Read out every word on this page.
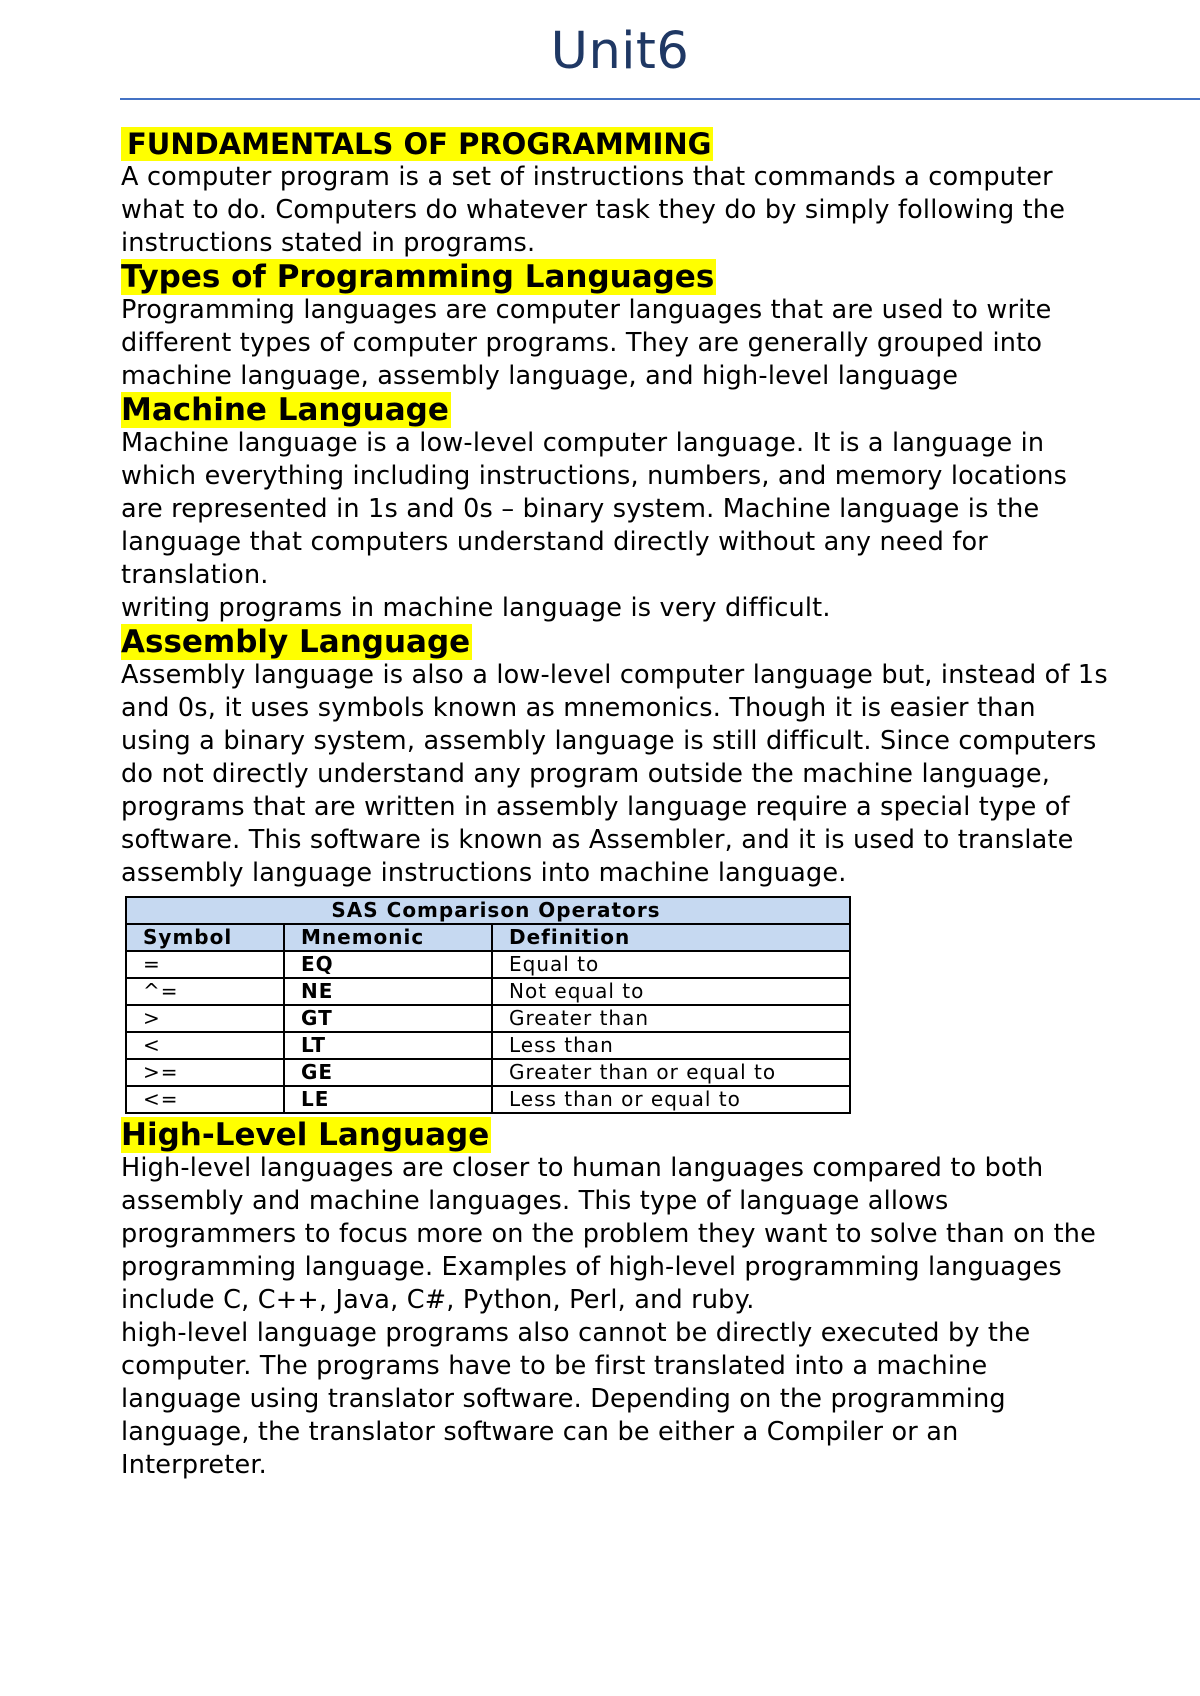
Unit6
FUNDAMENTALS OF PROGRAMMING

A computer program is a set of instructions that commands a computer
what to do. Computers do whatever task they do by simply following the
instructions stated in programs.

Types of Programming Languages

Programming languages are computer languages that are used to write
different types of computer programs. They are generally grouped into
machine language, assembly language, and high-level language

Machine Language

Machine language is a low-level computer language. It is a language in
which everything including instructions, numbers, and memory locations
are represented in 1s and 0s – binary system. Machine language is the
language that computers understand directly without any need for
translation.
writing programs in machine language is very difficult.

Assembly Language

Assembly language is also a low-level computer language but, instead of 1s
and 0s, it uses symbols known as mnemonics. Though it is easier than
using a binary system, assembly language is still difficult. Since computers
do not directly understand any program outside the machine language,
programs that are written in assembly language require a special type of
software. This software is known as Assembler, and it is used to translate
assembly language instructions into machine language.

SAS Comparison Operators		
Symbol	Mnemonic	Definition
=	EQ	Equal to
^=	NE	Not equal to
>	GT	Greater than
<	LT	Less than
>=	GE	Greater than or equal to
<=	LE	Less than or equal to
High-Level Language

High-level languages are closer to human languages compared to both
assembly and machine languages. This type of language allows
programmers to focus more on the problem they want to solve than on the
programming language. Examples of high-level programming languages
include C, C++, Java, C#, Python, Perl, and ruby.
high-level language programs also cannot be directly executed by the
computer. The programs have to be first translated into a machine
language using translator software. Depending on the programming
language, the translator software can be either a Compiler or an
Interpreter.
